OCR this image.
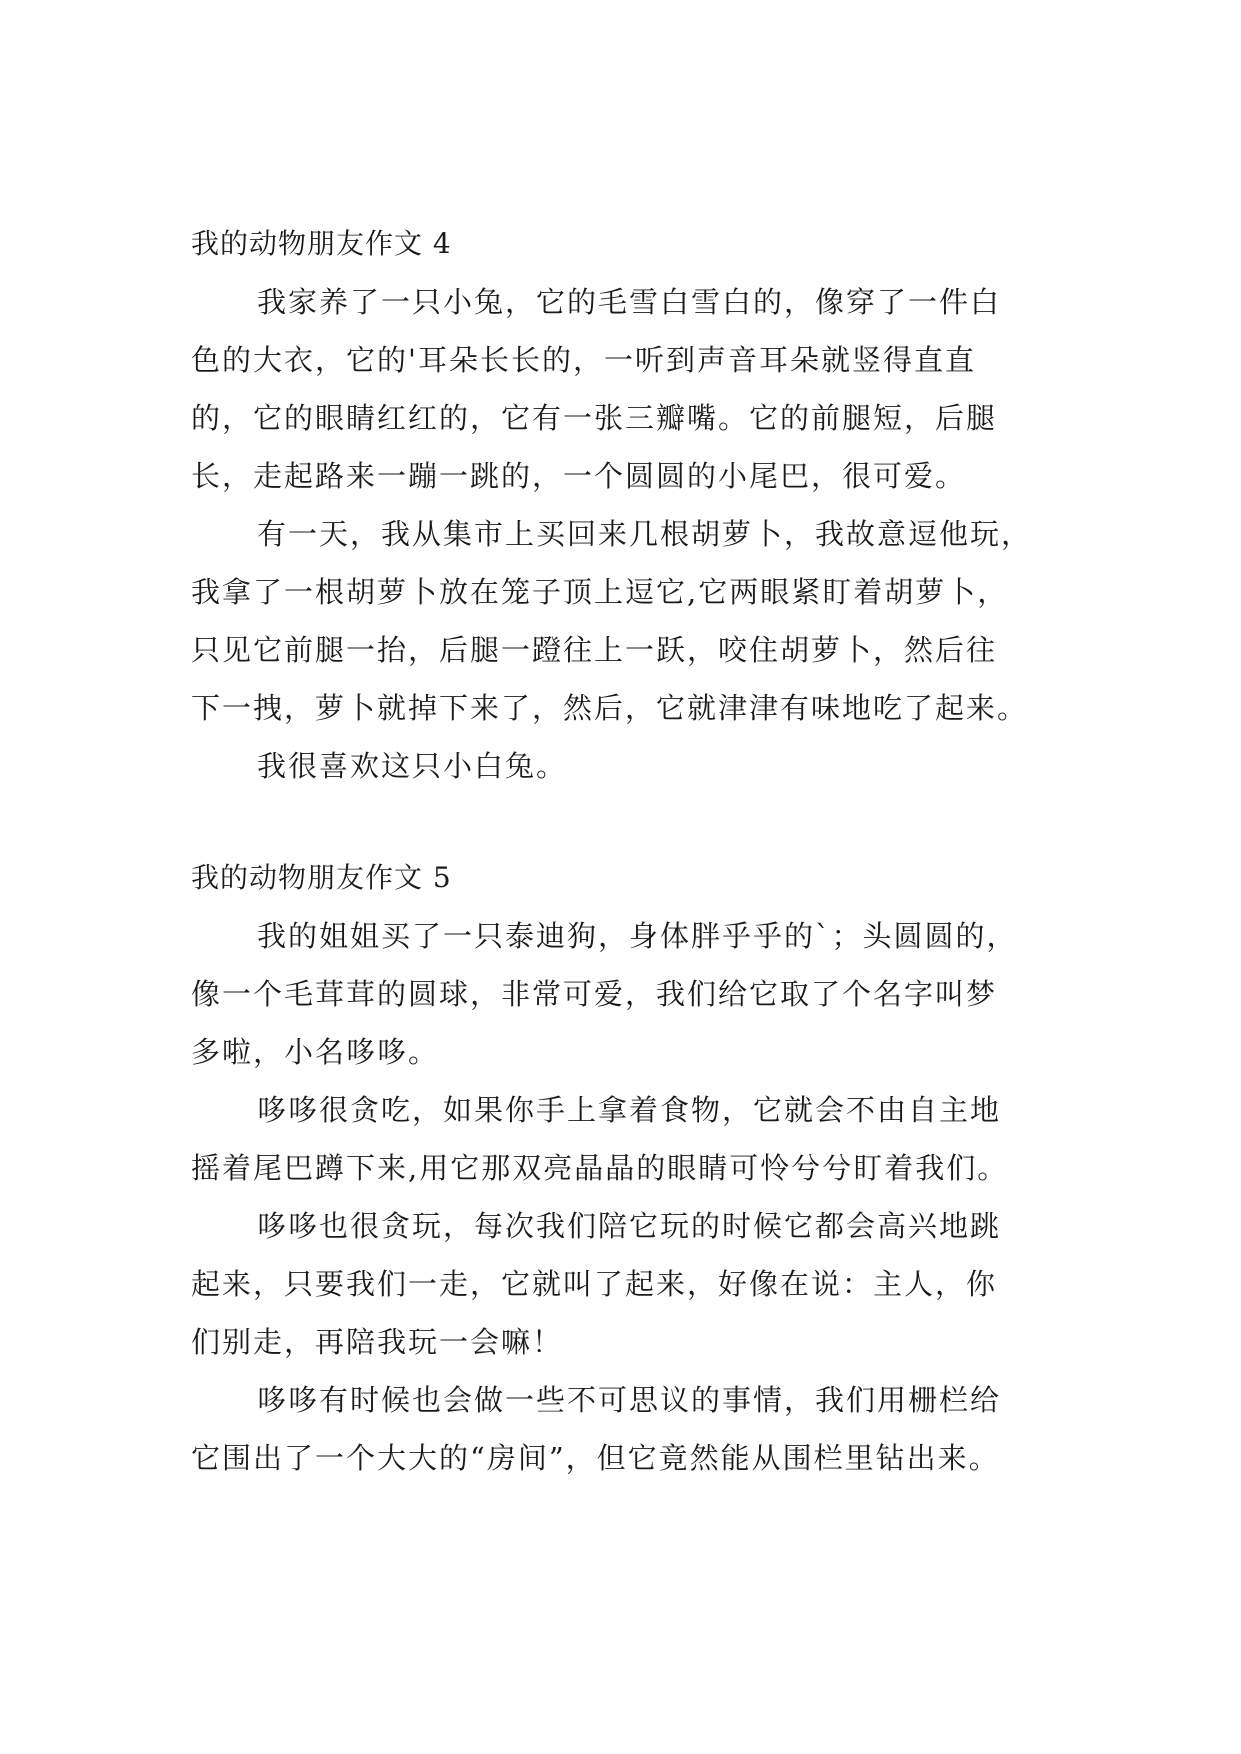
我的动物朋友作文 4
我家养了一只小兔，它的毛雪白雪白的，像穿了一件白
色的大衣，它的'耳朵长长的，一听到声音耳朵就竖得直直
的，它的眼睛红红的，它有一张三瓣嘴。它的前腿短，后腿
长，走起路来一蹦一跳的，一个圆圆的小尾巴，很可爱。
有一天，我从集市上买回来几根胡萝卜，我故意逗他玩，
我拿了一根胡萝卜放在笼子顶上逗它,它两眼紧盯着胡萝卜，
只见它前腿一抬，后腿一蹬往上一跃，咬住胡萝卜，然后往
下一拽，萝卜就掉下来了，然后，它就津津有味地吃了起来。
我很喜欢这只小白兔。
我的动物朋友作文 5
我的姐姐买了一只泰迪狗，身体胖乎乎的`；头圆圆的，
像一个毛茸茸的圆球，非常可爱，我们给它取了个名字叫梦
多啦，小名哆哆。
哆哆很贪吃，如果你手上拿着食物，它就会不由自主地
摇着尾巴蹲下来,用它那双亮晶晶的眼睛可怜兮兮盯着我们。
哆哆也很贪玩，每次我们陪它玩的时候它都会高兴地跳
起来，只要我们一走，它就叫了起来，好像在说：主人，你
们别走，再陪我玩一会嘛！
哆哆有时候也会做一些不可思议的事情，我们用栅栏给
它围出了一个大大的“房间”，但它竟然能从围栏里钻出来。
